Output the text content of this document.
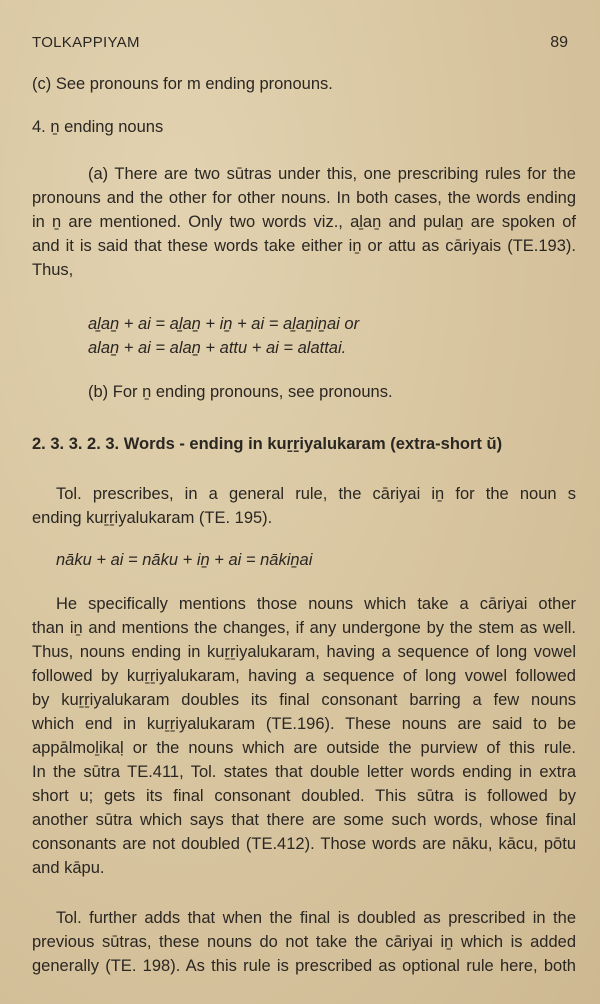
TOLKAPPIYAM	89
(c) See pronouns for m ending pronouns.
4. ṉ ending nouns
(a) There are two sūtras under this, one prescribing rules for the
pronouns and the other for other nouns. In both cases, the words ending
in ṉ are mentioned. Only two words viz., aḻaṉ and pulaṉ are spoken of
and it is said that these words take either iṉ or attu as cāriyais (TE.193).
Thus,
aḻaṉ + ai = aḻaṉ + iṉ + ai = aḻaṉiṉai or
alaṉ + ai = alaṉ + attu + ai = alattai.
(b) For ṉ ending pronouns, see pronouns.
2. 3. 3. 2. 3. Words - ending in kuṟṟiyalukaram (extra-short ŭ)
Tol. prescribes, in a general rule, the cāriyai iṉ for the noun s
ending kuṟṟiyalukaram (TE. 195).
nāku + ai = nāku + iṉ + ai = nākiṉai
He specifically mentions those nouns which take a cāriyai other
than iṉ and mentions the changes, if any undergone by the stem as well.
Thus, nouns ending in kuṟṟiyalukaram, having a sequence of long vowel
followed by kuṟṟiyalukaram, having a sequence of long vowel followed
by kuṟṟiyalukaram doubles its final consonant barring a few nouns
which end in kuṟṟiyalukaram (TE.196). These nouns are said to be
appālmoḻikaḷ or the nouns which are outside the purview of this rule.
In the sūtra TE.411, Tol. states that double letter words ending in extra
short u; gets its final consonant doubled. This sūtra is followed by
another sūtra which says that there are some such words, whose final
consonants are not doubled (TE.412). Those words are nāku, kācu, pōtu
and kāpu.
Tol. further adds that when the final is doubled as prescribed in the
previous sūtras, these nouns do not take the cāriyai iṉ which is added
generally (TE. 198). As this rule is prescribed as optional rule here, both
